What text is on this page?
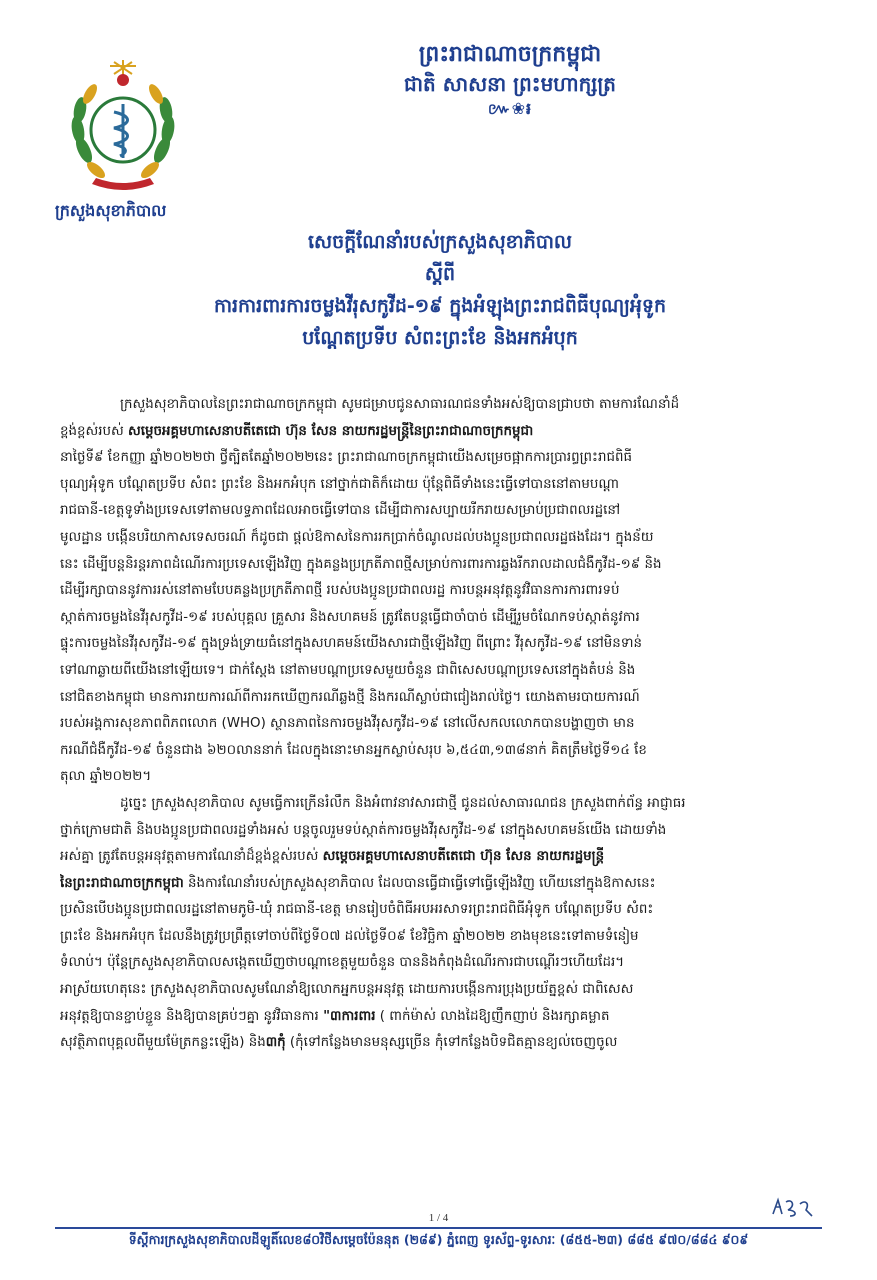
ក្រសួងសុខាភិបាល
ព្រះរាជាណាចក្រកម្ពុជា
ជាតិ សាសនា ព្រះមហាក្សត្រ
៚❀៛
សេចក្ដីណែនាំរបស់ក្រសួងសុខាភិបាល
ស្ដីពី
ការការពារការចម្លងវីរុសកូវីដ-១៩ ក្នុងអំឡុងព្រះរាជពិធីបុណ្យអុំទូក
បណ្ដែតប្រទីប សំពះព្រះខែ និងអកអំបុក
ក្រសួងសុខាភិបាលនៃព្រះរាជាណាចក្រកម្ពុជា សូមជម្រាបជូនសាធារណជនទាំងអស់ឱ្យបានជ្រាបថា តាមការណែនាំដ៏
ខ្ពង់ខ្ពស់របស់ សម្ដេចអគ្គមហាសេនាបតីតេជោ ហ៊ុន សែន នាយករដ្ឋមន្ត្រីនៃព្រះរាជាណាចក្រកម្ពុជា
នាថ្ងៃទី៩ ខែកញ្ញា ឆ្នាំ២០២២ថា ថ្វីត្បិតតែឆ្នាំ២០២២នេះ ព្រះរាជាណាចក្រកម្ពុជាយើងសម្រេចផ្អាកការប្រារព្ធព្រះរាជពិធី
បុណ្យអុំទូក បណ្ដែតប្រទីប សំពះ ព្រះខែ និងអកអំបុក នៅថ្នាក់ជាតិក៏ដោយ ប៉ុន្តែពិធីទាំងនេះធ្វើទៅបាននៅតាមបណ្ដា
រាជធានី-ខេត្តទូទាំងប្រទេសទៅតាមលទ្ធភាពដែលអាចធ្វើទៅបាន ដើម្បីជាការសប្បាយរីករាយសម្រាប់ប្រជាពលរដ្ឋនៅ
មូលដ្ឋាន បង្កើនបរិយាកាសទេសចរណ៍ ក៏ដូចជា ផ្ដល់ឱកាសនៃការរកប្រាក់ចំណូលដល់បងប្អូនប្រជាពលរដ្ឋផងដែរ។ ក្នុងន័យ
នេះ ដើម្បីបន្តនិរន្តរភាពដំណើរការប្រទេសឡើងវិញ ក្នុងគន្លងប្រក្រតីភាពថ្មីសម្រាប់ការពារការឆ្លងរីករាលដាលជំងឺកូវីដ-១៩ និង
ដើម្បីរក្សាបាននូវការរស់នៅតាមបែបគន្លងប្រក្រតីភាពថ្មី របស់បងប្អូនប្រជាពលរដ្ឋ ការបន្តអនុវត្តនូវវិធានការការពារទប់
ស្កាត់ការចម្លងនៃវីរុសកូវីដ-១៩ របស់បុគ្គល គ្រួសារ និងសហគមន៍ ត្រូវតែបន្តធ្វើជាចាំបាច់ ដើម្បីរួមចំណែកទប់ស្កាត់នូវការ
ផ្ទុះការចម្លងនៃវីរុសកូវីដ-១៩ ក្នុងទ្រង់ទ្រាយធំនៅក្នុងសហគមន៍យើងសារជាថ្មីឡើងវិញ ពីព្រោះ វីរុសកូវីដ-១៩ នៅមិនទាន់
ទៅណាឆ្ងាយពីយើងនៅឡើយទេ។ ជាក់ស្ដែង នៅតាមបណ្ដាប្រទេសមួយចំនួន ជាពិសេសបណ្ដាប្រទេសនៅក្នុងតំបន់ និង
នៅជិតខាងកម្ពុជា មានការរាយការណ៍ពីការរកឃើញករណីឆ្លងថ្មី និងករណីស្លាប់ជាជៀងរាល់ថ្ងៃ។ យោងតាមរបាយការណ៍
របស់អង្គការសុខភាពពិភពលោក (WHO) ស្ថានភាពនៃការចម្លងវីរុសកូវីដ-១៩ នៅលើសកលលោកបានបង្ហាញថា មាន
ករណីជំងឺកូវីដ-១៩ ចំនួនជាង ៦២០លាននាក់ ដែលក្នុងនោះមានអ្នកស្លាប់សរុប ៦,៥៤៣,១៣៨នាក់ គិតត្រឹមថ្ងៃទី១៤ ខែ
តុលា ឆ្នាំ២០២២។
ដូច្នេះ ក្រសួងសុខាភិបាល សូមធ្វើការក្រើនរំលឹក និងអំពាវនាវសារជាថ្មី ជូនដល់សាធារណជន ក្រសួងពាក់ព័ន្ធ អាជ្ញាធរ
ថ្នាក់ក្រោមជាតិ និងបងប្អូនប្រជាពលរដ្ឋទាំងអស់ បន្តចូលរួមទប់ស្កាត់ការចម្លងវីរុសកូវីដ-១៩ នៅក្នុងសហគមន៍យើង ដោយទាំង
អស់គ្នា ត្រូវតែបន្តអនុវត្តតាមការណែនាំដ៏ខ្ពង់ខ្ពស់របស់ សម្ដេចអគ្គមហាសេនាបតីតេជោ ហ៊ុន សែន នាយករដ្ឋមន្ត្រី
នៃព្រះរាជាណាចក្រកម្ពុជា និងការណែនាំរបស់ក្រសួងសុខាភិបាល ដែលបានធ្វើជាធ្វើទៅធ្វើឡើងវិញ ហើយនៅក្នុងឱកាសនេះ
ប្រសិនបើបងប្អូនប្រជាពលរដ្ឋនៅតាមភូមិ-ឃុំ រាជធានី-ខេត្ត មានរៀបចំពិធីអបអរសាទរព្រះរាជពិធីអុំទូក បណ្ដែតប្រទីប សំពះ
ព្រះខែ និងអកអំបុក ដែលនឹងត្រូវប្រព្រឹត្តទៅចាប់ពីថ្ងៃទី០៧ ដល់ថ្ងៃទី០៩ ខែវិច្ឆិកា ឆ្នាំ២០២២ ខាងមុខនេះទៅតាមទំនៀម
ទំលាប់។ ប៉ុន្តែក្រសួងសុខាភិបាលសង្កេតឃើញថាបណ្ដាខេត្តមួយចំនួន បាននិងកំពុងដំណើរការជាបណ្ដើរៗហើយដែរ។
អាស្រ័យហេតុនេះ ក្រសួងសុខាភិបាលសូមណែនាំឱ្យលោកអ្នកបន្តអនុវត្ត ដោយការបង្កើនការប្រុងប្រយ័ត្នខ្ពស់ ជាពិសេស
អនុវត្តឱ្យបានខ្ជាប់ខ្ជួន និងឱ្យបានគ្រប់ៗគ្នា នូវវិធានការ "៣ការពារ ( ពាក់ម៉ាស់ លាងដៃឱ្យញឹកញាប់ និងរក្សាគម្លាត
សុវត្ថិភាពបុគ្គលពីមួយម៉ែត្រកន្លះឡើង) និង៣កុំ (កុំទៅកន្លែងមានមនុស្សច្រើន កុំទៅកន្លែងបិទជិតគ្មានខ្យល់ចេញចូល
1 / 4
ទីស្ដីការក្រសួងសុខាភិបាលដីឡូតិ៍លេខ៨០វិថីសម្ដេចប៉ែននុត (២៨៩) ភ្នំពេញ ទូរស័ព្ទ-ទូរសារៈ (៨៥៥-២៣) ៨៨៥ ៩៧០/៨៨៤ ៩០៩
